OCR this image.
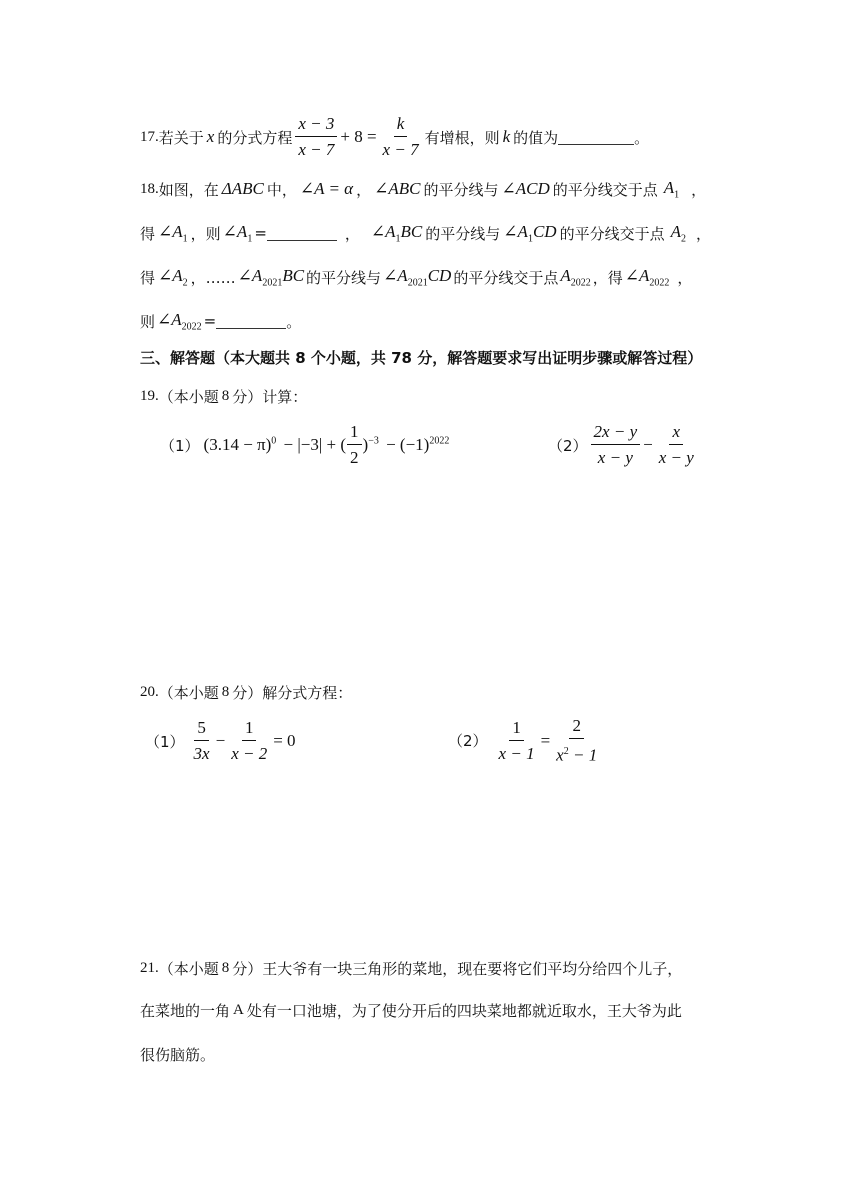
17. 若关于 x 的分式方程 $\frac{x - 3}{x - 7} + 8 = \frac{k}{x - 7}$ 有增根，则 k 的值为	。
18. 如图，在 ΔABC 中， ∠A = α ， ∠ABC 的平分线与 ∠ACD 的平分线交于点 $A_1$ ，
得 $\angle A_1$ ，则 $\angle A_1$ =	， $\angle A_1BC$ 的平分线与 $\angle A_1CD$ 的平分线交于点 $A_2$ ，
得 $\angle A_2$ ，…… $\angle A_{2021}BC$ 的平分线与 $\angle A_{2021}CD$ 的平分线交于点 $A_{2022}$ ，得 $\angle A_{2022}$ ，
则 $\angle A_{2022}$ =	。
三、解答题（本大题共 8 个小题，共 78 分，解答题要求写出证明步骤或解答过程）
19. （本小题 8 分）计算：
（1） $(3.14 - \pi)^0 - |-3|$ + ( $\frac{1}{2} )^{-3} - (-1)^{2022}$	$(2) \frac{2x - y}{x - y} - \frac{x}{x - y}$
20. （本小题 8 分）解分式方程：
$(1) \frac{5}{3x} - \frac{1}{x - 2} = 0$	$(2) \frac{1}{x - 1} = \frac{2}{x^2 - 1}$
21. （本小题 8 分）王大爷有一块三角形的菜地，现在要将它们平均分给四个儿子，
在菜地的一角 A 处有一口池塘，为了使分开后的四块菜地都就近取水，王大爷为此
很伤脑筋。
